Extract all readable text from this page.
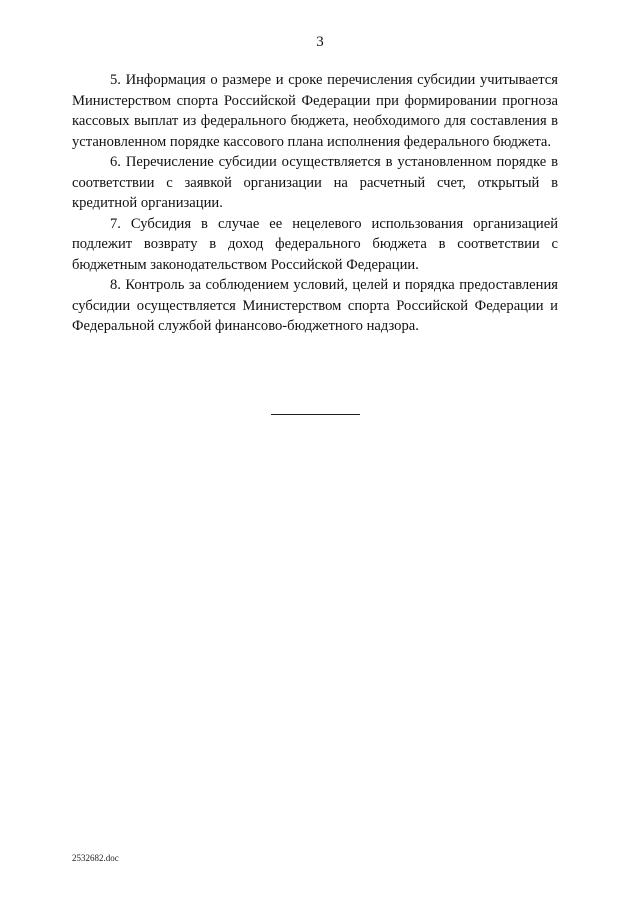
3

5. Информация о размере и сроке перечисления субсидии учитывается Министерством спорта Российской Федерации при формировании прогноза кассовых выплат из федерального бюджета, необходимого для составления в установленном порядке кассового плана исполнения федерального бюджета.

6. Перечисление субсидии осуществляется в установленном порядке в соответствии с заявкой организации на расчетный счет, открытый в кредитной организации.

7. Субсидия в случае ее нецелевого использования организацией подлежит возврату в доход федерального бюджета в соответствии с бюджетным законодательством Российской Федерации.

8. Контроль за соблюдением условий, целей и порядка предоставления субсидии осуществляется Министерством спорта Российской Федерации и Федеральной службой финансово-бюджетного надзора.

2532682.doc
